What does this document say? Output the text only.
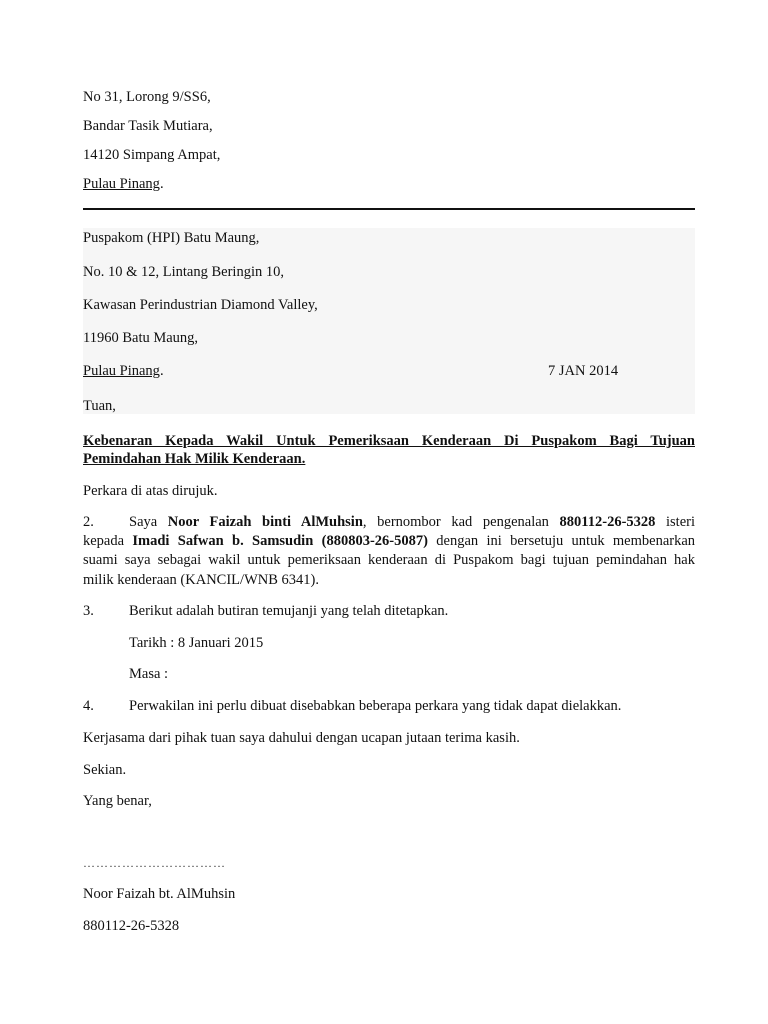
No 31, Lorong 9/SS6,
Bandar Tasik Mutiara,
14120 Simpang Ampat,
Pulau Pinang.
Puspakom (HPI) Batu Maung,
No. 10 & 12, Lintang Beringin 10,
Kawasan Perindustrian Diamond Valley,
11960 Batu Maung,
Pulau Pinang.	7 JAN 2014
Tuan,
Kebenaran Kepada Wakil Untuk Pemeriksaan Kenderaan Di Puspakom Bagi Tujuan
Pemindahan Hak Milik Kenderaan.
Perkara di atas dirujuk.
2. Saya Noor Faizah binti AlMuhsin, bernombor kad pengenalan 880112-26-5328 isteri
kepada Imadi Safwan b. Samsudin (880803-26-5087) dengan ini bersetuju untuk membenarkan
suami saya sebagai wakil untuk pemeriksaan kenderaan di Puspakom bagi tujuan pemindahan hak
milik kenderaan (KANCIL/WNB 6341).
3. Berikut adalah butiran temujanji yang telah ditetapkan.
Tarikh : 8 Januari 2015
Masa :
4. Perwakilan ini perlu dibuat disebabkan beberapa perkara yang tidak dapat dielakkan.
Kerjasama dari pihak tuan saya dahului dengan ucapan jutaan terima kasih.
Sekian.
Yang benar,
……………………………
Noor Faizah bt. AlMuhsin
880112-26-5328
